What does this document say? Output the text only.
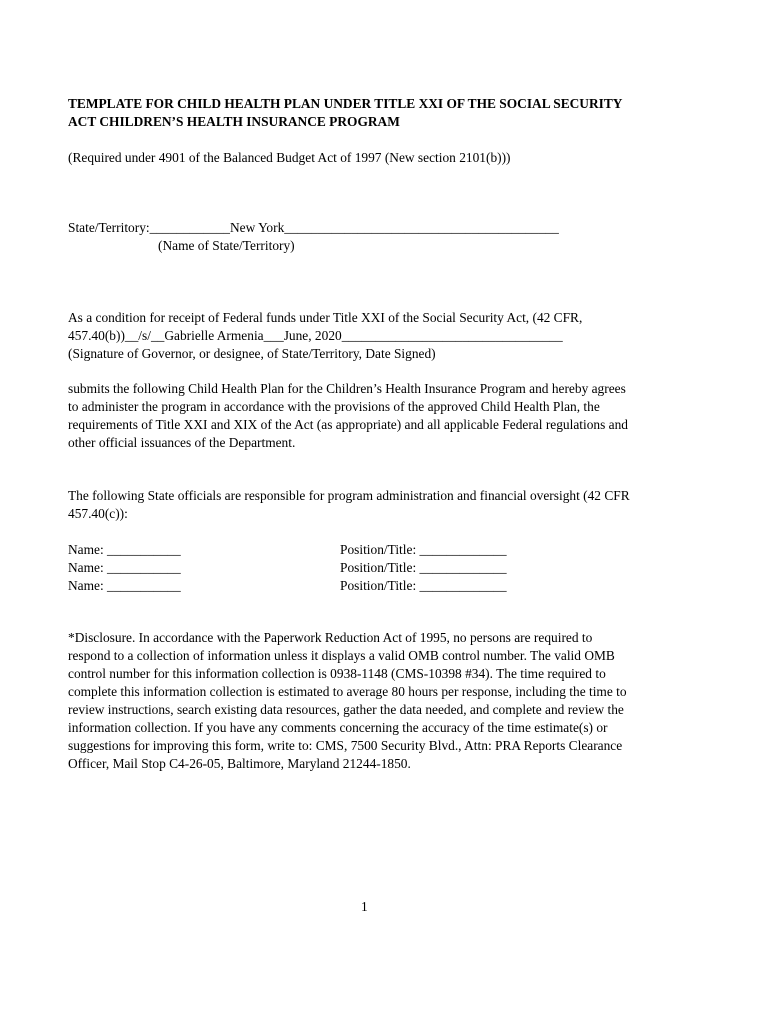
TEMPLATE FOR CHILD HEALTH PLAN UNDER TITLE XXI OF THE SOCIAL SECURITY
ACT CHILDREN’S HEALTH INSURANCE PROGRAM
(Required under 4901 of the Balanced Budget Act of 1997 (New section 2101(b)))
State/Territory:____________New York_________________________________________
(Name of State/Territory)
As a condition for receipt of Federal funds under Title XXI of the Social Security Act, (42 CFR,
457.40(b))__/s/__Gabrielle Armenia___June, 2020_________________________________
(Signature of Governor, or designee, of State/Territory, Date Signed)
submits the following Child Health Plan for the Children’s Health Insurance Program and hereby agrees
to administer the program in accordance with the provisions of the approved Child Health Plan, the
requirements of Title XXI and XIX of the Act (as appropriate) and all applicable Federal regulations and
other official issuances of the Department.
The following State officials are responsible for program administration and financial oversight (42 CFR
457.40(c)):
Name: ___________	Position/Title: _____________
Name: ___________	Position/Title: _____________
Name: ___________	Position/Title: _____________
*Disclosure. In accordance with the Paperwork Reduction Act of 1995, no persons are required to
respond to a collection of information unless it displays a valid OMB control number. The valid OMB
control number for this information collection is 0938-1148 (CMS-10398 #34). The time required to
complete this information collection is estimated to average 80 hours per response, including the time to
review instructions, search existing data resources, gather the data needed, and complete and review the
information collection. If you have any comments concerning the accuracy of the time estimate(s) or
suggestions for improving this form, write to: CMS, 7500 Security Blvd., Attn: PRA Reports Clearance
Officer, Mail Stop C4-26-05, Baltimore, Maryland 21244-1850.
1
